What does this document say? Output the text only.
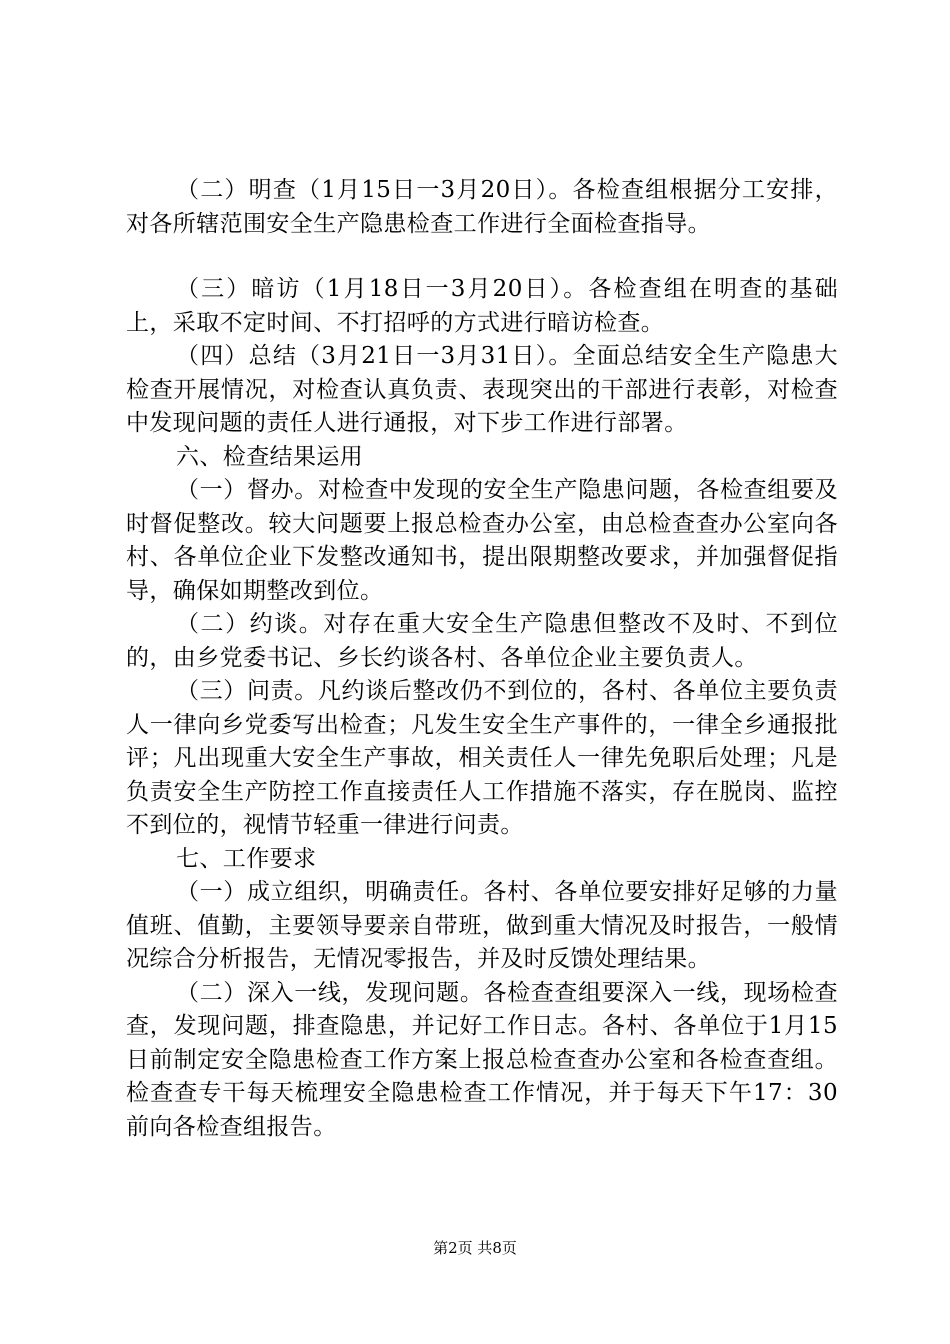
（二）明查（1月15日一3月20日）。各检查组根据分工安排，对各所辖范围安全生产隐患检查工作进行全面检查指导。

（三）暗访（1月18日一3月20日）。各检查组在明查的基础上，采取不定时间、不打招呼的方式进行暗访检查。

（四）总结（3月21日一3月31日）。全面总结安全生产隐患大检查开展情况，对检查认真负责、表现突出的干部进行表彰，对检查中发现问题的责任人进行通报，对下步工作进行部署。

六、检查结果运用

（一）督办。对检查中发现的安全生产隐患问题，各检查组要及时督促整改。较大问题要上报总检查办公室，由总检查查办公室向各村、各单位企业下发整改通知书，提出限期整改要求，并加强督促指导，确保如期整改到位。

（二）约谈。对存在重大安全生产隐患但整改不及时、不到位的，由乡党委书记、乡长约谈各村、各单位企业主要负责人。

（三）问责。凡约谈后整改仍不到位的，各村、各单位主要负责人一律向乡党委写出检查；凡发生安全生产事件的，一律全乡通报批评；凡出现重大安全生产事故，相关责任人一律先免职后处理；凡是负责安全生产防控工作直接责任人工作措施不落实，存在脱岗、监控不到位的，视情节轻重一律进行问责。

七、工作要求

（一）成立组织，明确责任。各村、各单位要安排好足够的力量值班、值勤，主要领导要亲自带班，做到重大情况及时报告，一般情况综合分析报告，无情况零报告，并及时反馈处理结果。

（二）深入一线，发现问题。各检查查组要深入一线，现场检查查，发现问题，排查隐患，并记好工作日志。各村、各单位于1月15日前制定安全隐患检查工作方案上报总检查查办公室和各检查查组。检查查专干每天梳理安全隐患检查工作情况，并于每天下午17：30前向各检查组报告。

第2页 共8页
